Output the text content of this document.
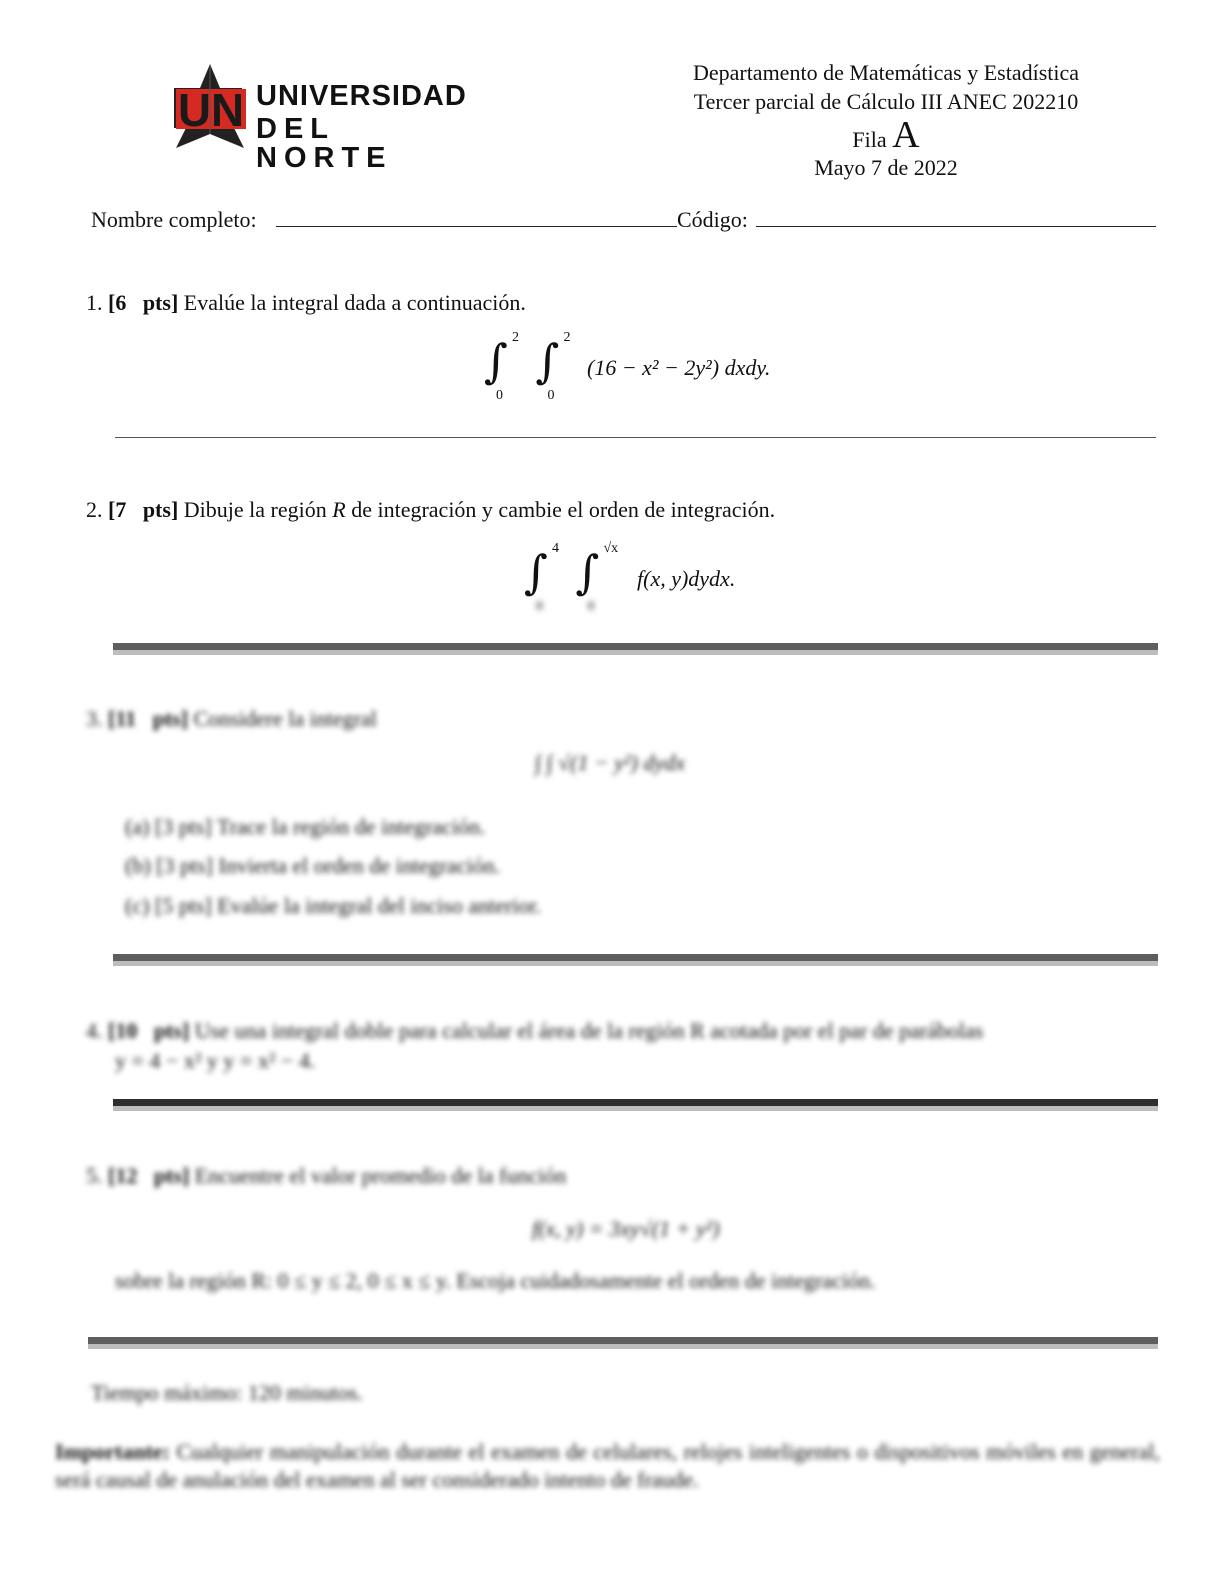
UN UNIVERSIDAD
DEL NORTE
Departamento de Matemáticas y Estadística
Tercer parcial de Cálculo III ANEC 202210
Fila A
Mayo 7 de 2022
Nombre completo:	Código:
1. [6   pts] Evalúe la integral dada a continuación.
∫ 2
0

∫ 2
0
(16 − x² − 2y²) dxdy.
2. [7   pts] Dibuje la región R de integración y cambie el orden de integración.
∫ 4
0

∫ √x
0
f(x, y)dydx.
3. [11   pts] Considere la integral
∫ ∫ √(1 − y²) dydx
(a) [3 pts] Trace la región de integración.
(b) [3 pts] Invierta el orden de integración.
(c) [5 pts] Evalúe la integral del inciso anterior.
4. [10   pts] Use una integral doble para calcular el área de la región R acotada por el par de parábolas
y = 4 − x² y y = x² − 4.
5. [12   pts] Encuentre el valor promedio de la función
f(x, y) = 3xy√(1 + y²)
sobre la región R: 0 ≤ y ≤ 2, 0 ≤ x ≤ y. Escoja cuidadosamente el orden de integración.
Tiempo máximo: 120 minutos.
Importante: Cualquier manipulación durante el examen de celulares, relojes inteligentes o dispositivos móviles en general, será causal de anulación del examen al ser considerado intento de fraude.
